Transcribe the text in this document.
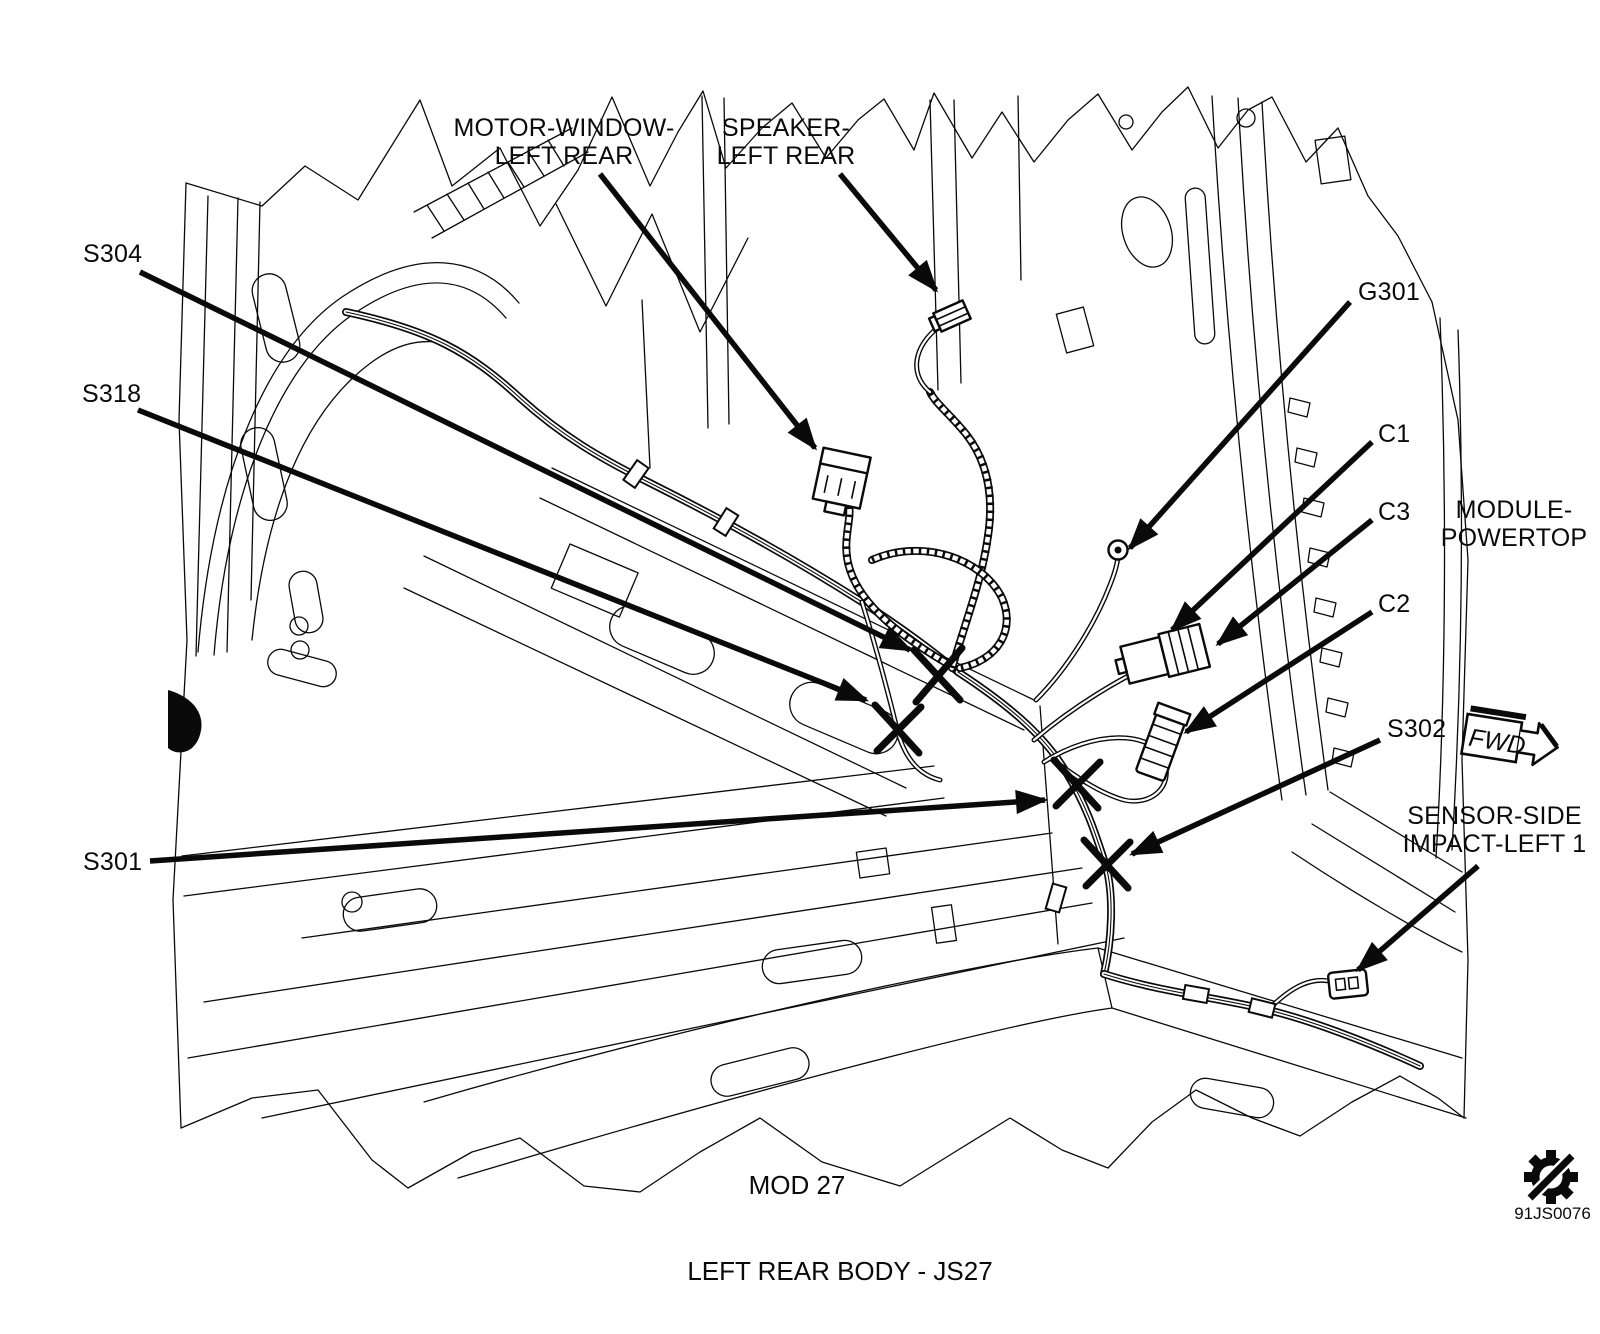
FWD
MOTOR-WINDOW-
LEFT REAR
SPEAKER-
LEFT REAR
S304
S318
S301
G301
C1
C3	MODULE-
POWERTOP
C2
S302
SENSOR-SIDE
IMPACT-LEFT 1
MOD 27
LEFT REAR BODY - JS27
91JS0076
